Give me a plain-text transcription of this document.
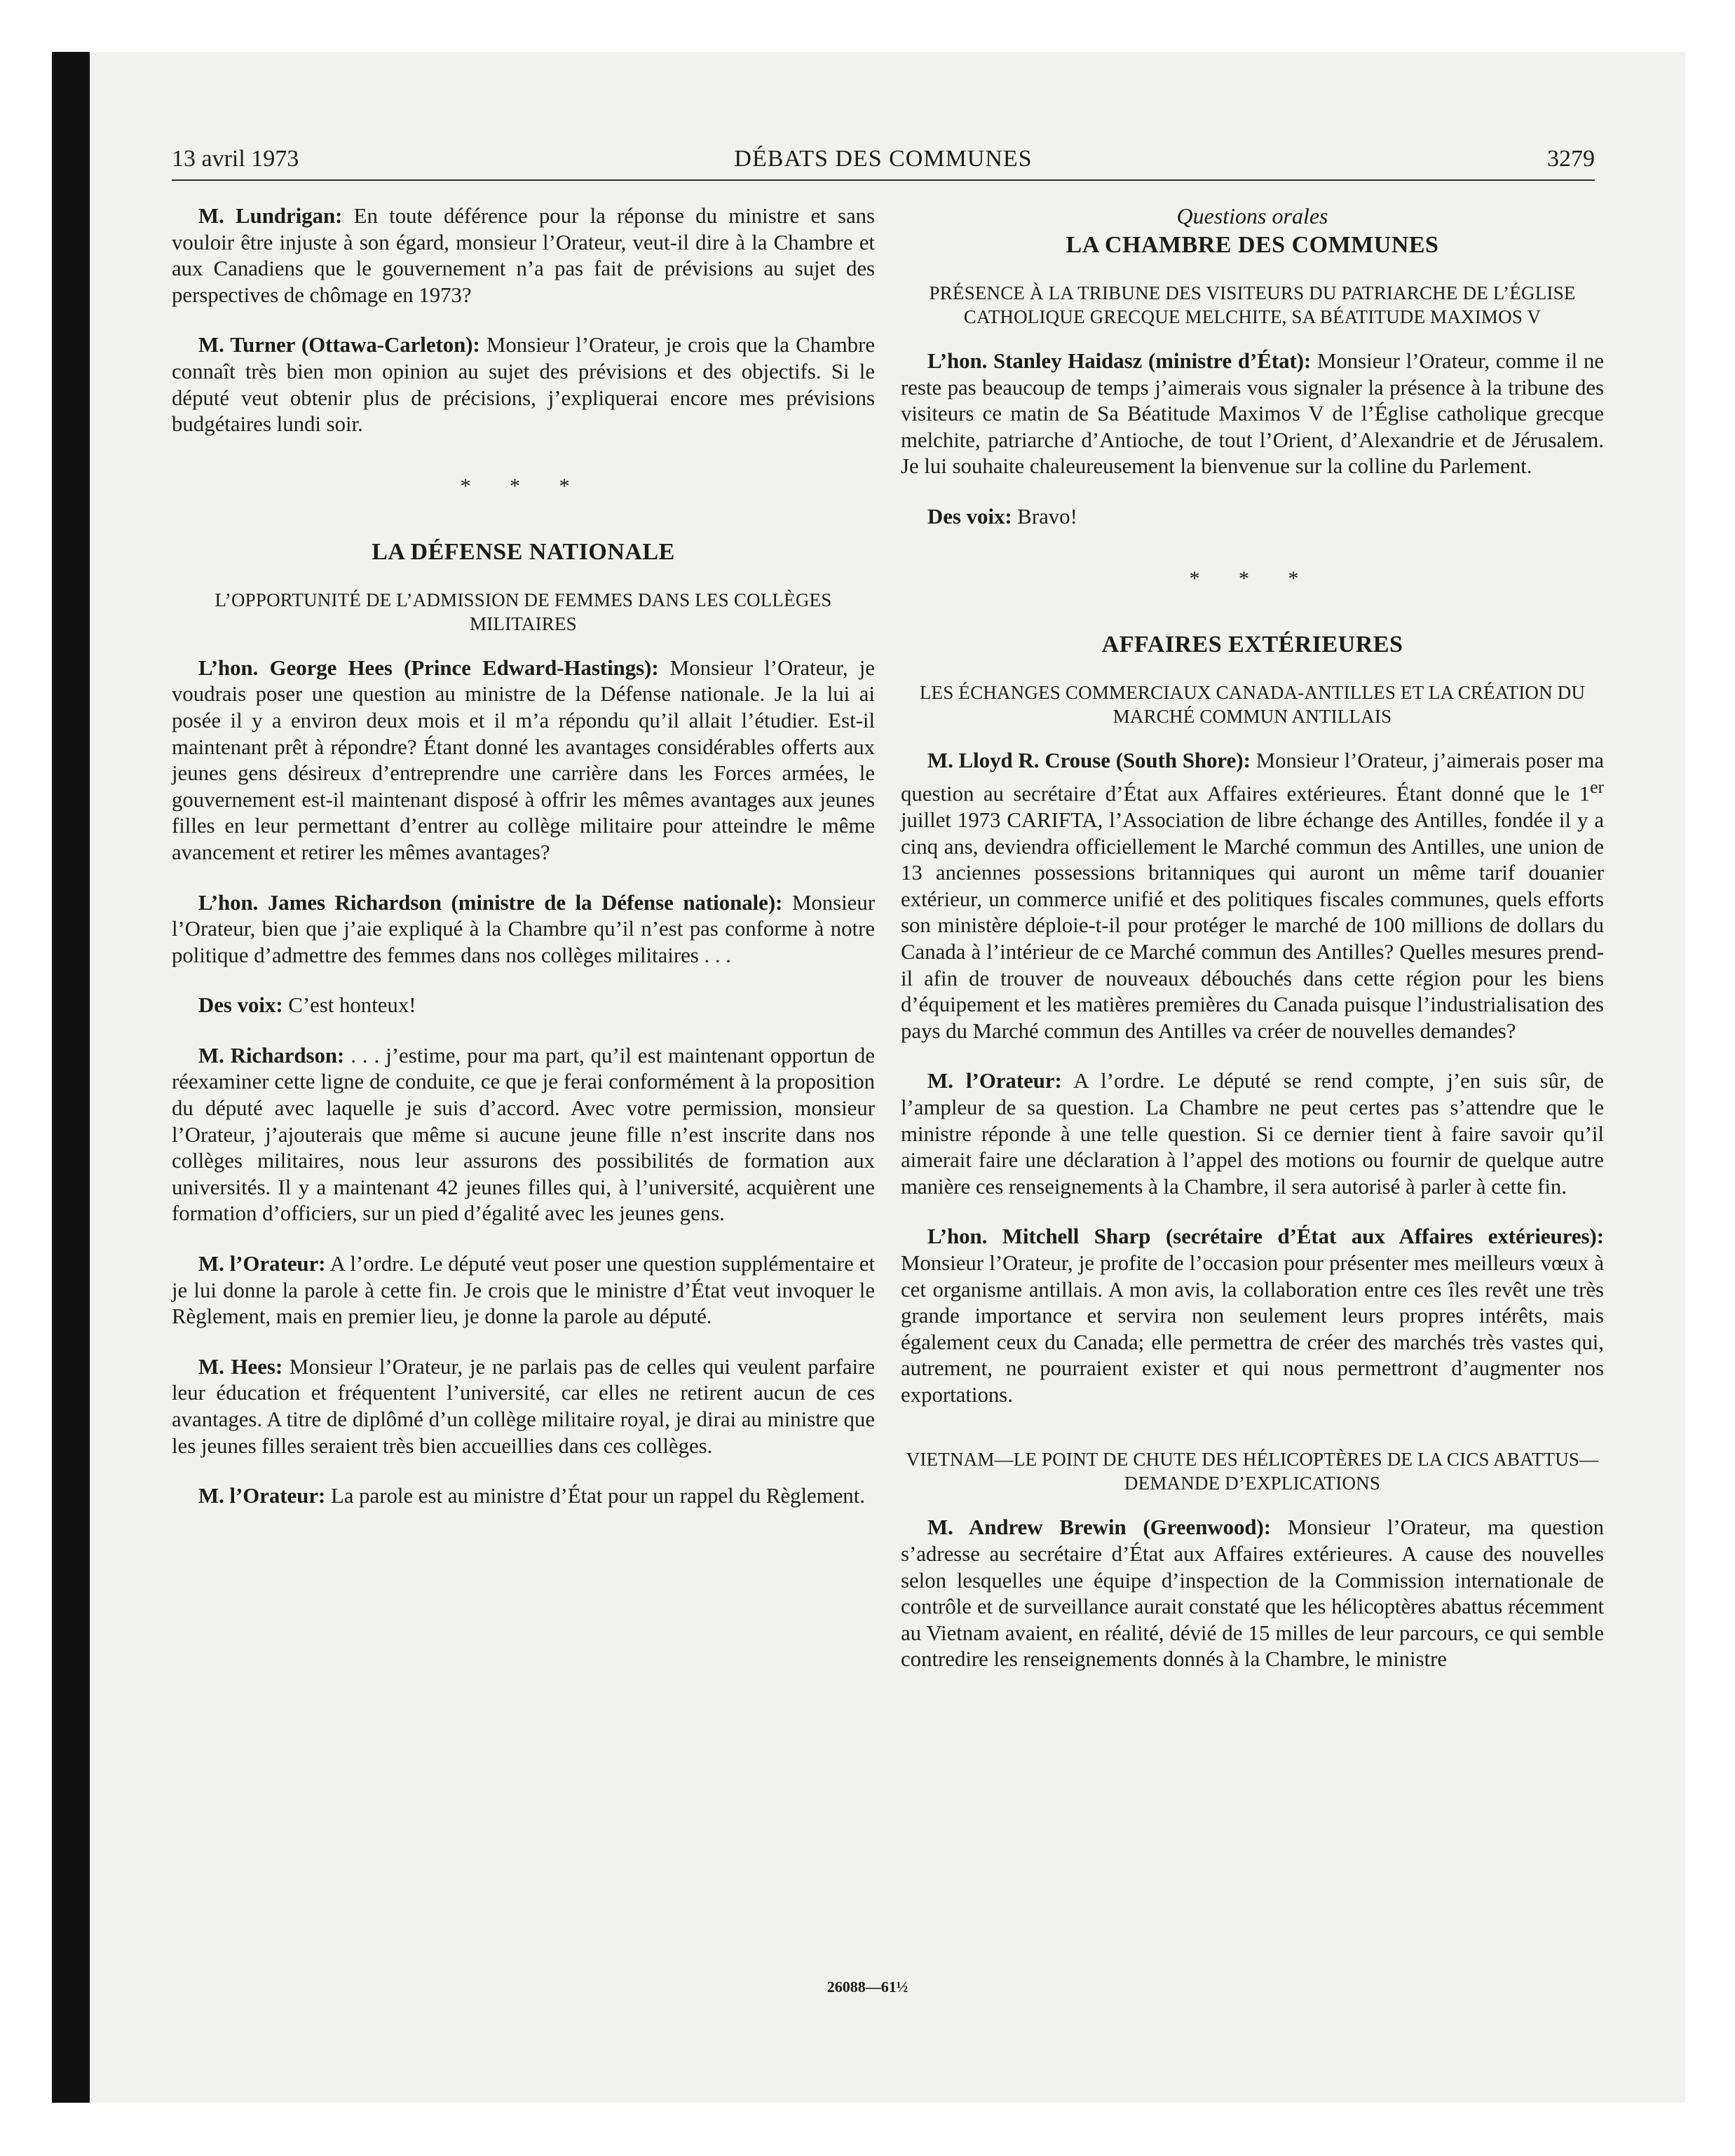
13 avril 1973	DÉBATS DES COMMUNES	3279

M. Lundrigan: En toute déférence pour la réponse du ministre et sans vouloir être injuste à son égard, monsieur l’Orateur, veut-il dire à la Chambre et aux Canadiens que le gouvernement n’a pas fait de prévisions au sujet des perspectives de chômage en 1973?

M. Turner (Ottawa-Carleton): Monsieur l’Orateur, je crois que la Chambre connaît très bien mon opinion au sujet des prévisions et des objectifs. Si le député veut obtenir plus de précisions, j’expliquerai encore mes prévisions budgétaires lundi soir.

* * *
LA DÉFENSE NATIONALE
L’OPPORTUNITÉ DE L’ADMISSION DE FEMMES DANS LES COLLÈGES MILITAIRES

L’hon. George Hees (Prince Edward-Hastings): Monsieur l’Orateur, je voudrais poser une question au ministre de la Défense nationale. Je la lui ai posée il y a environ deux mois et il m’a répondu qu’il allait l’étudier. Est-il maintenant prêt à répondre? Étant donné les avantages considérables offerts aux jeunes gens désireux d’entreprendre une carrière dans les Forces armées, le gouvernement est-il maintenant disposé à offrir les mêmes avantages aux jeunes filles en leur permettant d’entrer au collège militaire pour atteindre le même avancement et retirer les mêmes avantages?

L’hon. James Richardson (ministre de la Défense nationale): Monsieur l’Orateur, bien que j’aie expliqué à la Chambre qu’il n’est pas conforme à notre politique d’admettre des femmes dans nos collèges militaires . . .

Des voix: C’est honteux!

M. Richardson: . . . j’estime, pour ma part, qu’il est maintenant opportun de réexaminer cette ligne de conduite, ce que je ferai conformément à la proposition du député avec laquelle je suis d’accord. Avec votre permission, monsieur l’Orateur, j’ajouterais que même si aucune jeune fille n’est inscrite dans nos collèges militaires, nous leur assurons des possibilités de formation aux universités. Il y a maintenant 42 jeunes filles qui, à l’université, acquièrent une formation d’officiers, sur un pied d’égalité avec les jeunes gens.

M. l’Orateur: A l’ordre. Le député veut poser une question supplémentaire et je lui donne la parole à cette fin. Je crois que le ministre d’État veut invoquer le Règlement, mais en premier lieu, je donne la parole au député.

M. Hees: Monsieur l’Orateur, je ne parlais pas de celles qui veulent parfaire leur éducation et fréquentent l’université, car elles ne retirent aucun de ces avantages. A titre de diplômé d’un collège militaire royal, je dirai au ministre que les jeunes filles seraient très bien accueillies dans ces collèges.

M. l’Orateur: La parole est au ministre d’État pour un rappel du Règlement.

Questions orales
LA CHAMBRE DES COMMUNES
PRÉSENCE À LA TRIBUNE DES VISITEURS DU PATRIARCHE DE L’ÉGLISE CATHOLIQUE GRECQUE MELCHITE, SA BÉATITUDE MAXIMOS V

L’hon. Stanley Haidasz (ministre d’État): Monsieur l’Orateur, comme il ne reste pas beaucoup de temps j’aimerais vous signaler la présence à la tribune des visiteurs ce matin de Sa Béatitude Maximos V de l’Église catholique grecque melchite, patriarche d’Antioche, de tout l’Orient, d’Alexandrie et de Jérusalem. Je lui souhaite chaleureusement la bienvenue sur la colline du Parlement.

Des voix: Bravo!

* * *
AFFAIRES EXTÉRIEURES
LES ÉCHANGES COMMERCIAUX CANADA-ANTILLES ET LA CRÉATION DU MARCHÉ COMMUN ANTILLAIS

M. Lloyd R. Crouse (South Shore): Monsieur l’Orateur, j’aimerais poser ma question au secrétaire d’État aux Affaires extérieures. Étant donné que le 1er juillet 1973 CARIFTA, l’Association de libre échange des Antilles, fondée il y a cinq ans, deviendra officiellement le Marché commun des Antilles, une union de 13 anciennes possessions britanniques qui auront un même tarif douanier extérieur, un commerce unifié et des politiques fiscales communes, quels efforts son ministère déploie-t-il pour protéger le marché de 100 millions de dollars du Canada à l’intérieur de ce Marché commun des Antilles? Quelles mesures prend-il afin de trouver de nouveaux débouchés dans cette région pour les biens d’équipement et les matières premières du Canada puisque l’industrialisation des pays du Marché commun des Antilles va créer de nouvelles demandes?

M. l’Orateur: A l’ordre. Le député se rend compte, j’en suis sûr, de l’ampleur de sa question. La Chambre ne peut certes pas s’attendre que le ministre réponde à une telle question. Si ce dernier tient à faire savoir qu’il aimerait faire une déclaration à l’appel des motions ou fournir de quelque autre manière ces renseignements à la Chambre, il sera autorisé à parler à cette fin.

L’hon. Mitchell Sharp (secrétaire d’État aux Affaires extérieures): Monsieur l’Orateur, je profite de l’occasion pour présenter mes meilleurs vœux à cet organisme antillais. A mon avis, la collaboration entre ces îles revêt une très grande importance et servira non seulement leurs propres intérêts, mais également ceux du Canada; elle permettra de créer des marchés très vastes qui, autrement, ne pourraient exister et qui nous permettront d’augmenter nos exportations.

VIETNAM—LE POINT DE CHUTE DES HÉLICOPTÈRES DE LA CICS ABATTUS—DEMANDE D’EXPLICATIONS

M. Andrew Brewin (Greenwood): Monsieur l’Orateur, ma question s’adresse au secrétaire d’État aux Affaires extérieures. A cause des nouvelles selon lesquelles une équipe d’inspection de la Commission internationale de contrôle et de surveillance aurait constaté que les hélicoptères abattus récemment au Vietnam avaient, en réalité, dévié de 15 milles de leur parcours, ce qui semble contredire les renseignements donnés à la Chambre, le ministre

26088—61½
